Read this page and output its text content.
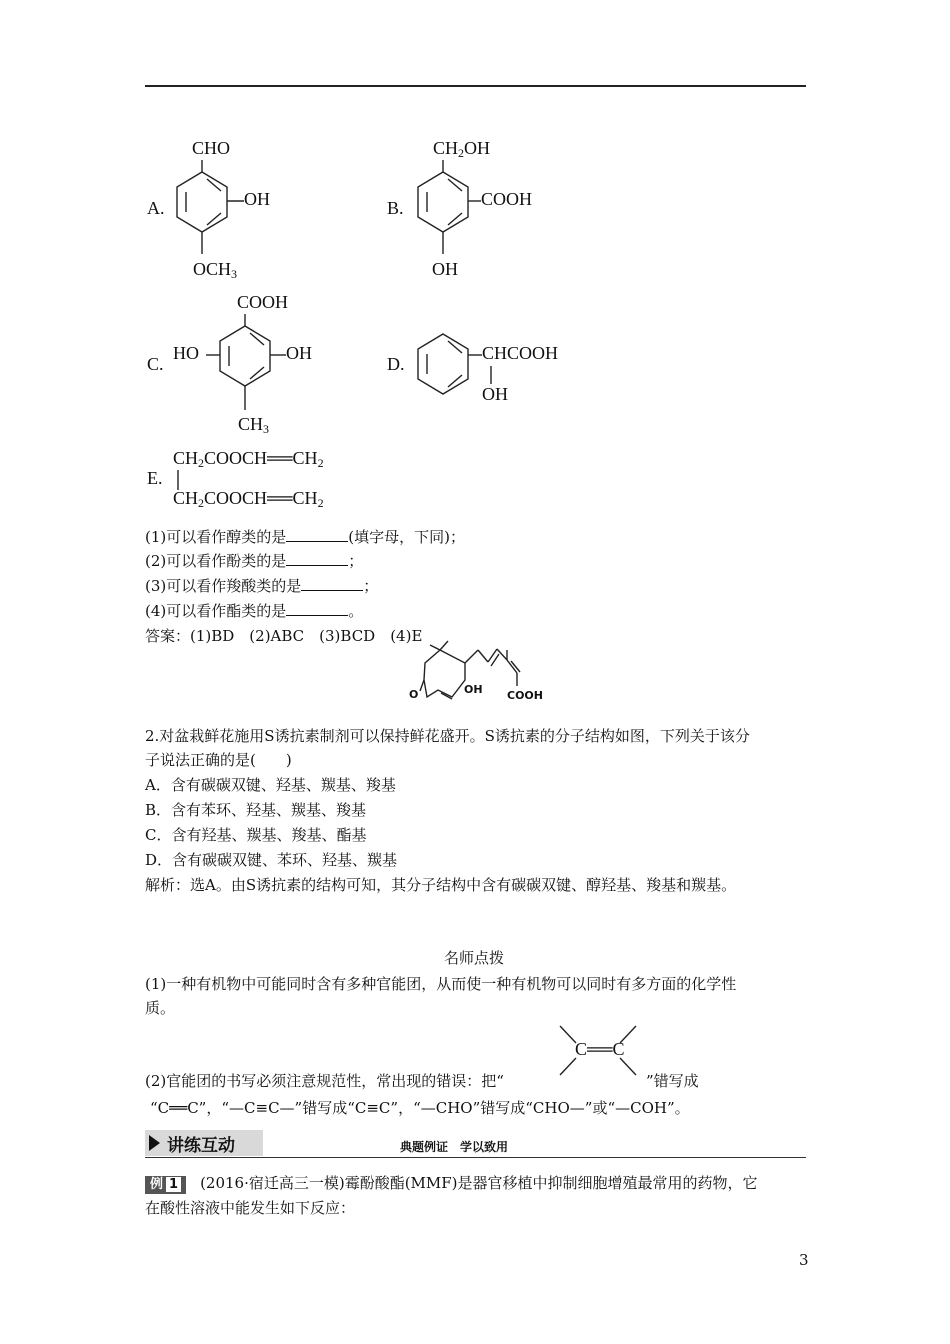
A.
CHO
OH
$OCH_3$
B.
$CH_2OH$
COOH
OH
C.
COOH
HO	OH
$CH_3$
D.
CHCOOH
OH
E.
$CH_2COOCH══CH_2$
$CH_2COOCH══CH_2$
(1)可以看作醇类的是	(填字母，下同)；
(2)可以看作酚类的是	；
(3)可以看作羧酸类的是	；
(4)可以看作酯类的是	。
答案：(1)BD　(2)ABC　(3)BCD　(4)E
OH COOH
O
2.对盆栽鲜花施用S诱抗素制剂可以保持鲜花盛开。S诱抗素的分子结构如图，下列关于该分
子说法正确的是(　　)
A．含有碳碳双键、羟基、羰基、羧基
B．含有苯环、羟基、羰基、羧基
C．含有羟基、羰基、羧基、酯基
D．含有碳碳双键、苯环、羟基、羰基
解析：选A。由S诱抗素的结构可知，其分子结构中含有碳碳双键、醇羟基、羧基和羰基。
名师点拨
(1)一种有机物中可能同时含有多种官能团，从而使一种有机物可以同时有多方面的化学性
质。
C══C
(2)官能团的书写必须注意规范性，常出现的错误：把“	”错写成
“C══C”，“—C≡C—”错写成“C≡C”，“—CHO”错写成“CHO—”或“—COH”。
讲练互动	典题例证　学以致用
例 1 (2016·宿迁高三一模)霉酚酸酯(MMF)是器官移植中抑制细胞增殖最常用的药物，它
在酸性溶液中能发生如下反应：
3
